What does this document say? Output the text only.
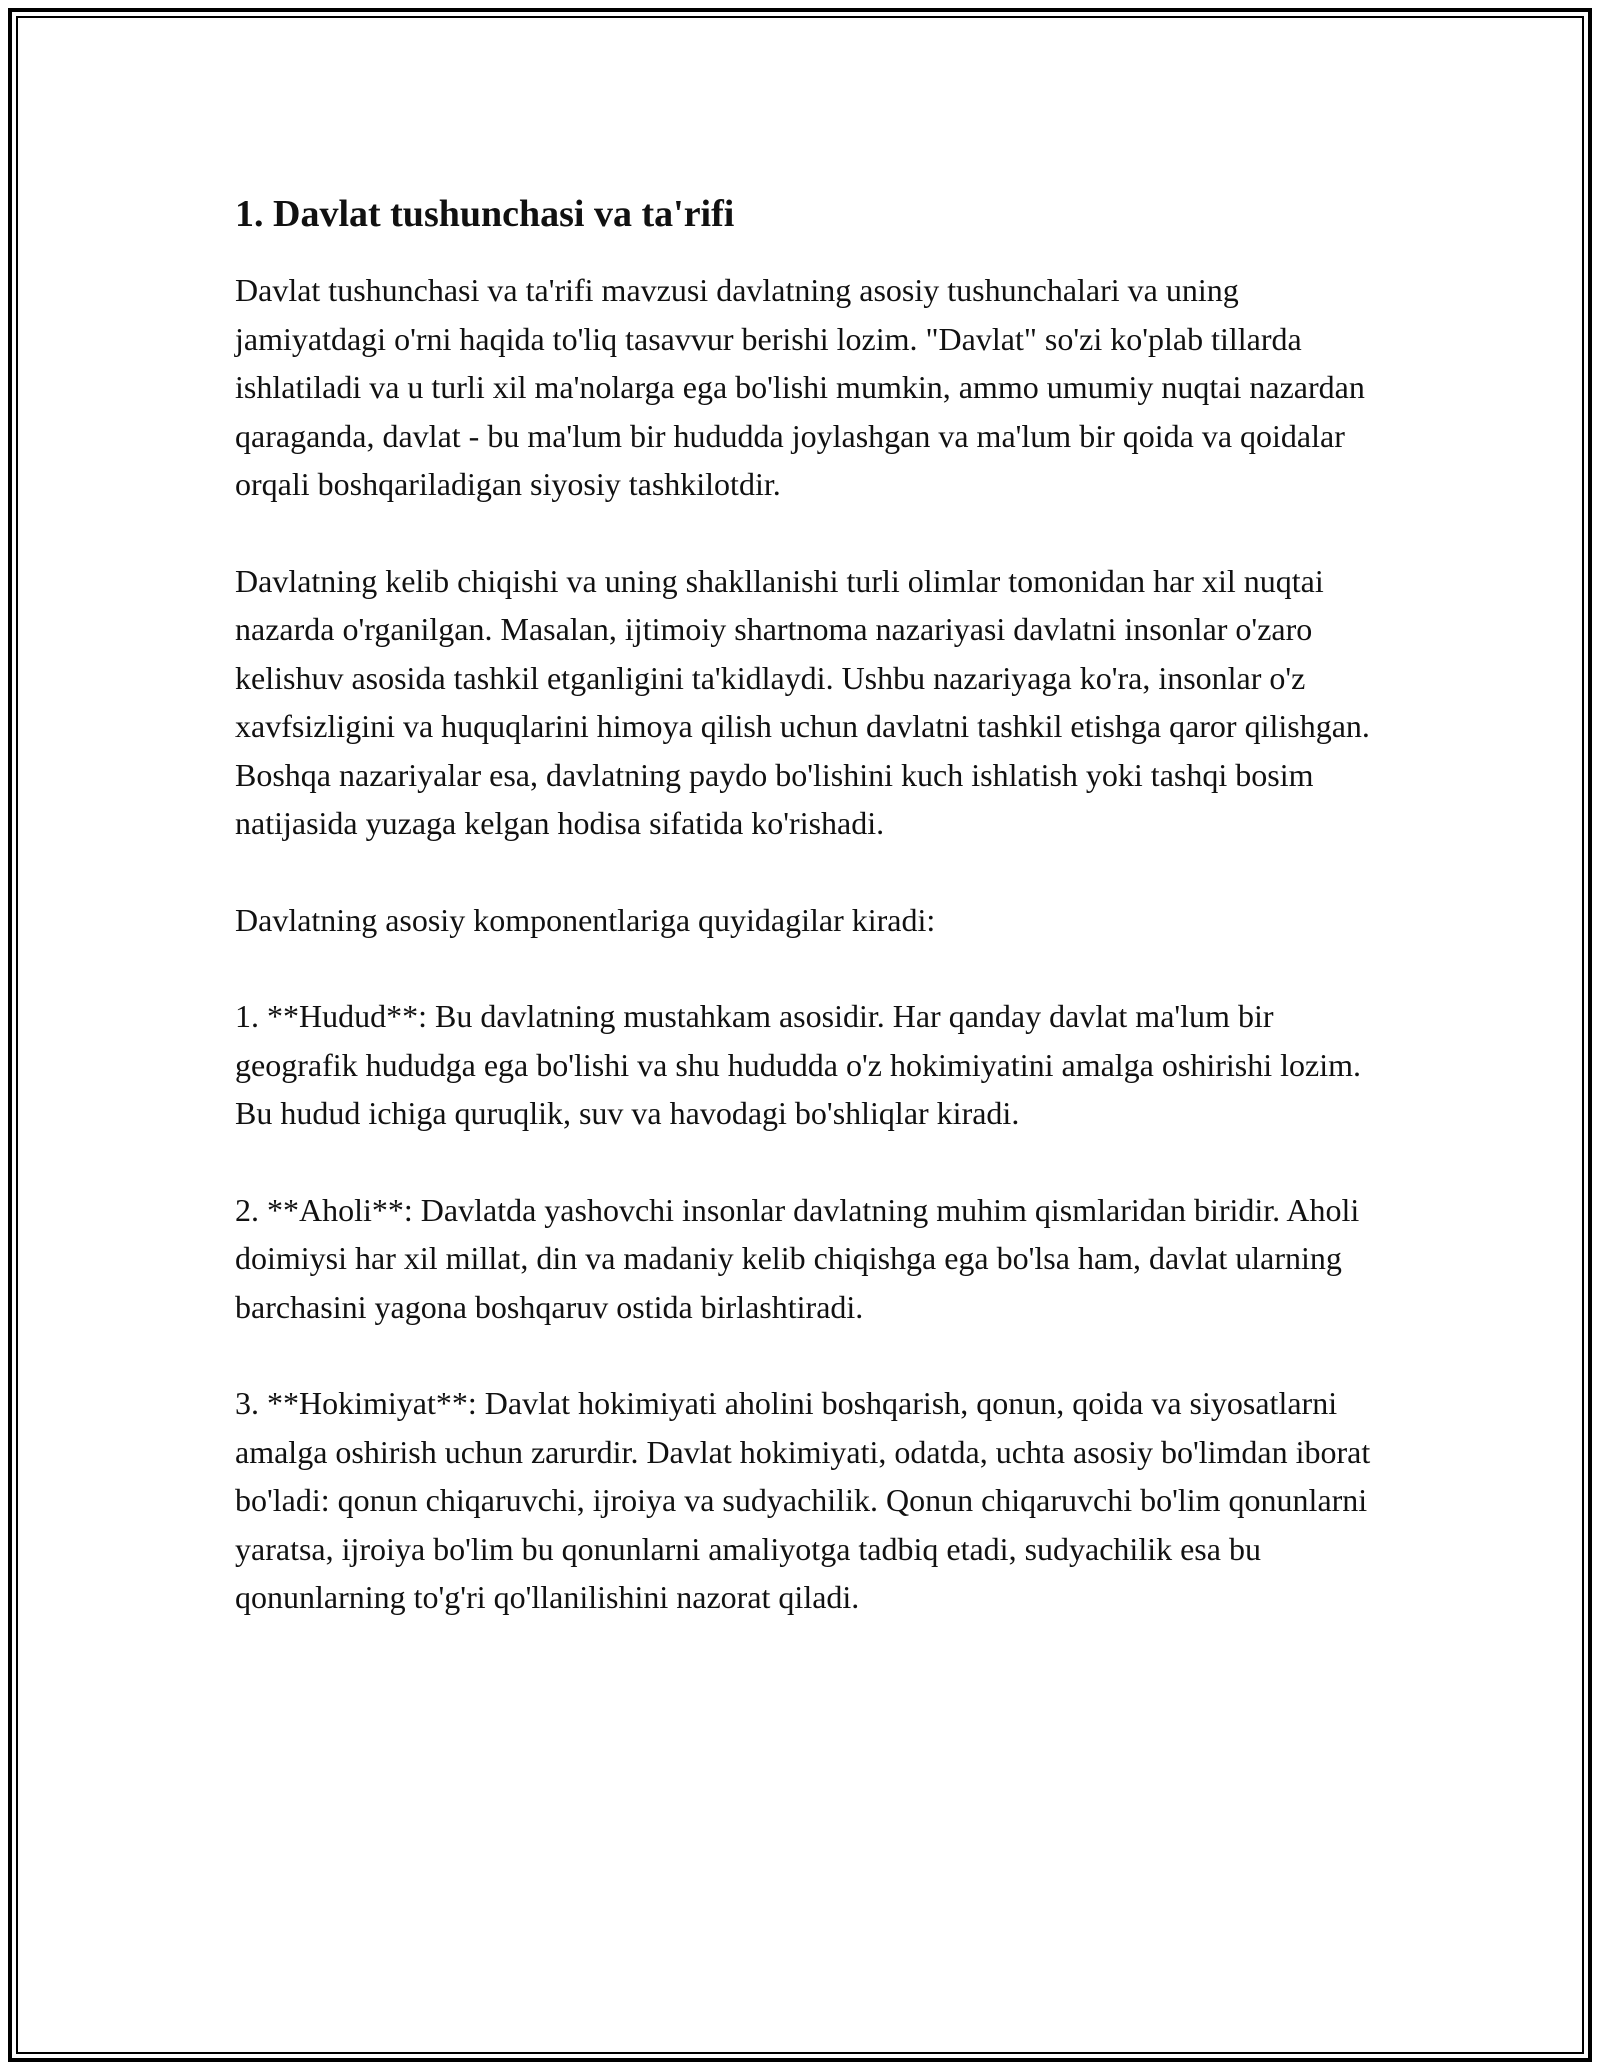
1. Davlat tushunchasi va ta'rifi

Davlat tushunchasi va ta'rifi mavzusi davlatning asosiy tushunchalari va uning jamiyatdagi o'rni haqida to'liq tasavvur berishi lozim. "Davlat" so'zi ko'plab tillarda ishlatiladi va u turli xil ma'nolarga ega bo'lishi mumkin, ammo umumiy nuqtai nazardan qaraganda, davlat - bu ma'lum bir hududda joylashgan va ma'lum bir qoida va qoidalar orqali boshqariladigan siyosiy tashkilotdir.

Davlatning kelib chiqishi va uning shakllanishi turli olimlar tomonidan har xil nuqtai nazarda o'rganilgan. Masalan, ijtimoiy shartnoma nazariyasi davlatni insonlar o'zaro kelishuv asosida tashkil etganligini ta'kidlaydi. Ushbu nazariyaga ko'ra, insonlar o'z xavfsizligini va huquqlarini himoya qilish uchun davlatni tashkil etishga qaror qilishgan. Boshqa nazariyalar esa, davlatning paydo bo'lishini kuch ishlatish yoki tashqi bosim natijasida yuzaga kelgan hodisa sifatida ko'rishadi.

Davlatning asosiy komponentlariga quyidagilar kiradi:

1. **Hudud**: Bu davlatning mustahkam asosidir. Har qanday davlat ma'lum bir geografik hududga ega bo'lishi va shu hududda o'z hokimiyatini amalga oshirishi lozim. Bu hudud ichiga quruqlik, suv va havodagi bo'shliqlar kiradi.

2. **Aholi**: Davlatda yashovchi insonlar davlatning muhim qismlaridan biridir. Aholi doimiysi har xil millat, din va madaniy kelib chiqishga ega bo'lsa ham, davlat ularning barchasini yagona boshqaruv ostida birlashtiradi.

3. **Hokimiyat**: Davlat hokimiyati aholini boshqarish, qonun, qoida va siyosatlarni amalga oshirish uchun zarurdir. Davlat hokimiyati, odatda, uchta asosiy bo'limdan iborat bo'ladi: qonun chiqaruvchi, ijroiya va sudyachilik. Qonun chiqaruvchi bo'lim qonunlarni yaratsa, ijroiya bo'lim bu qonunlarni amaliyotga tadbiq etadi, sudyachilik esa bu qonunlarning to'g'ri qo'llanilishini nazorat qiladi.
